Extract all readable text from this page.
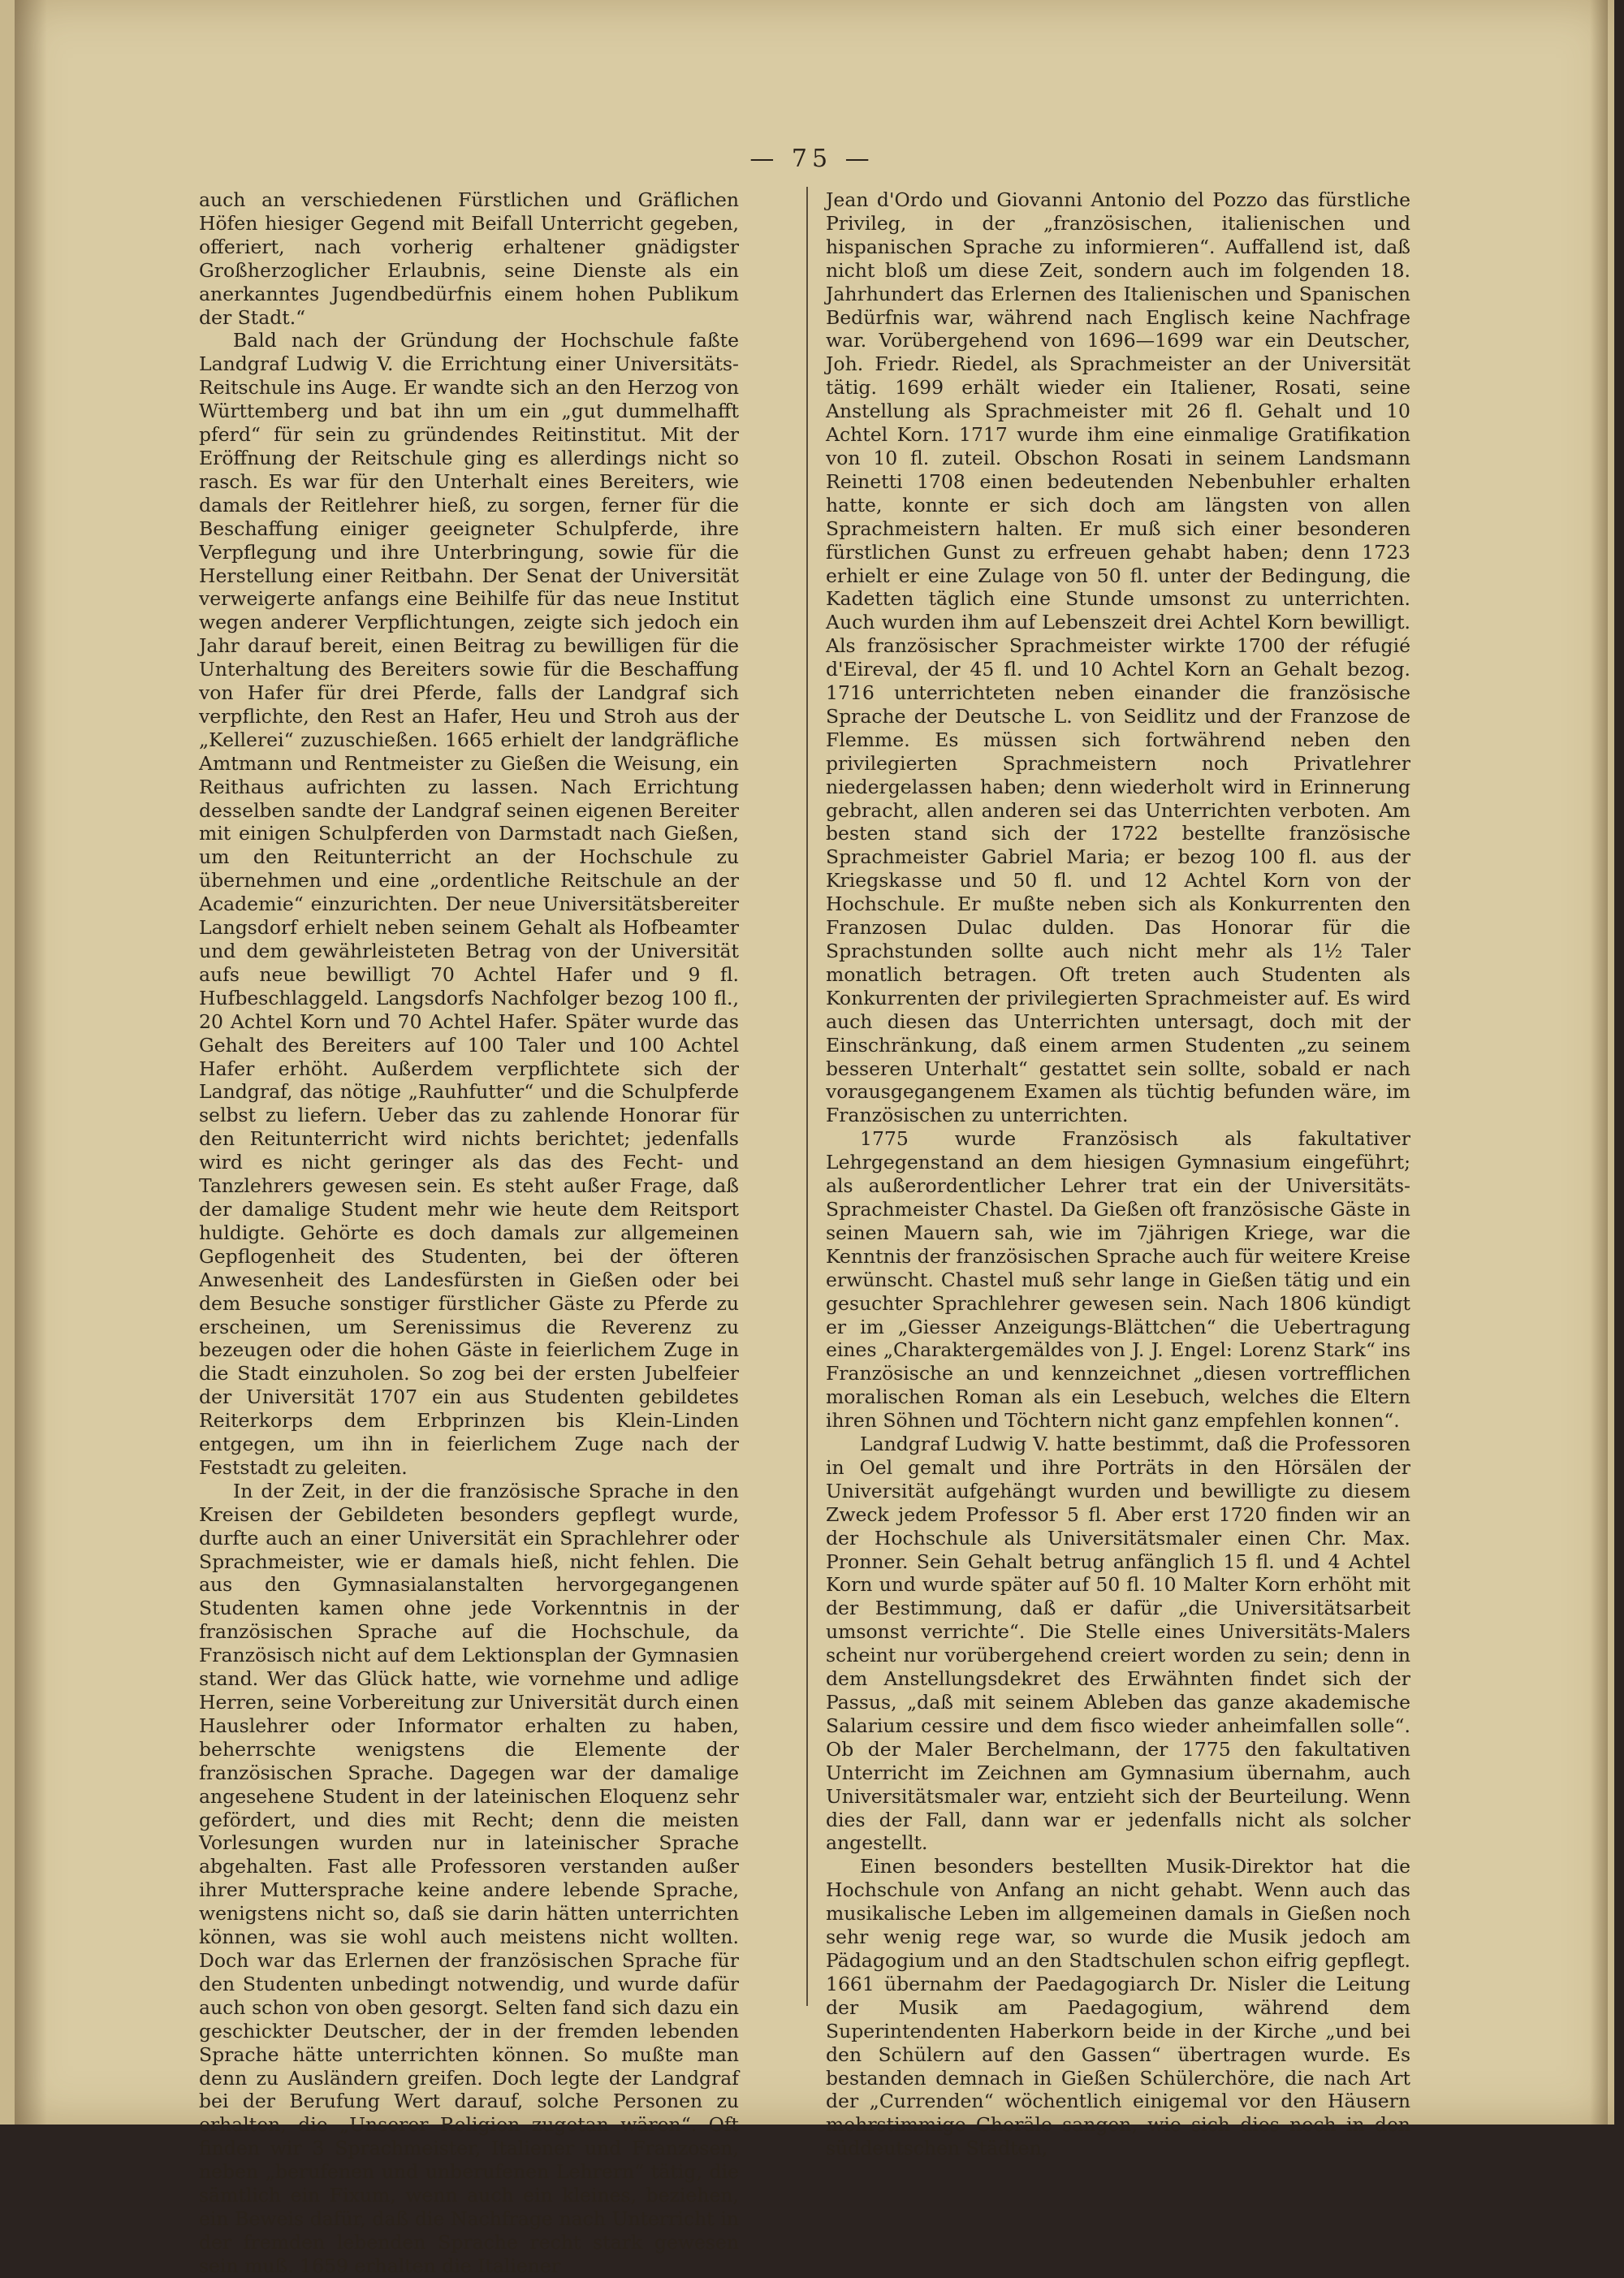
— 75 —

auch an verschiedenen Fürstlichen und Gräflichen Höfen hiesiger Gegend mit Beifall Unterricht gegeben, offeriert, nach vorherig erhaltener gnädigster Großherzoglicher Erlaubnis, seine Dienste als ein anerkanntes Jugendbedürfnis einem hohen Publikum der Stadt.“

Bald nach der Gründung der Hochschule faßte Landgraf Ludwig V. die Errichtung einer Universitäts-Reitschule ins Auge. Er wandte sich an den Herzog von Württemberg und bat ihn um ein „gut dummelhafft pferd“ für sein zu gründendes Reitinstitut. Mit der Eröffnung der Reitschule ging es allerdings nicht so rasch. Es war für den Unterhalt eines Bereiters, wie damals der Reitlehrer hieß, zu sorgen, ferner für die Beschaffung einiger geeigneter Schulpferde, ihre Verpflegung und ihre Unterbringung, sowie für die Herstellung einer Reitbahn. Der Senat der Universität verweigerte anfangs eine Beihilfe für das neue Institut wegen anderer Verpflichtungen, zeigte sich jedoch ein Jahr darauf bereit, einen Beitrag zu bewilligen für die Unterhaltung des Bereiters sowie für die Beschaffung von Hafer für drei Pferde, falls der Landgraf sich verpflichte, den Rest an Hafer, Heu und Stroh aus der „Kellerei“ zuzuschießen. 1665 erhielt der landgräfliche Amtmann und Rentmeister zu Gießen die Weisung, ein Reithaus aufrichten zu lassen. Nach Errichtung desselben sandte der Landgraf seinen eigenen Bereiter mit einigen Schulpferden von Darmstadt nach Gießen, um den Reitunterricht an der Hochschule zu übernehmen und eine „ordentliche Reitschule an der Academie“ einzurichten. Der neue Universitätsbereiter Langsdorf erhielt neben seinem Gehalt als Hofbeamter und dem gewährleisteten Betrag von der Universität aufs neue bewilligt 70 Achtel Hafer und 9 fl. Hufbeschlaggeld. Langsdorfs Nachfolger bezog 100 fl., 20 Achtel Korn und 70 Achtel Hafer. Später wurde das Gehalt des Bereiters auf 100 Taler und 100 Achtel Hafer erhöht. Außerdem verpflichtete sich der Landgraf, das nötige „Rauhfutter“ und die Schulpferde selbst zu liefern. Ueber das zu zahlende Honorar für den Reitunterricht wird nichts berichtet; jedenfalls wird es nicht geringer als das des Fecht- und Tanzlehrers gewesen sein. Es steht außer Frage, daß der damalige Student mehr wie heute dem Reitsport huldigte. Gehörte es doch damals zur allgemeinen Gepflogenheit des Studenten, bei der öfteren Anwesenheit des Landesfürsten in Gießen oder bei dem Besuche sonstiger fürstlicher Gäste zu Pferde zu erscheinen, um Serenissimus die Reverenz zu bezeugen oder die hohen Gäste in feierlichem Zuge in die Stadt einzuholen. So zog bei der ersten Jubelfeier der Universität 1707 ein aus Studenten gebildetes Reiterkorps dem Erbprinzen bis Klein-Linden entgegen, um ihn in feierlichem Zuge nach der Feststadt zu geleiten.

In der Zeit, in der die französische Sprache in den Kreisen der Gebildeten besonders gepflegt wurde, durfte auch an einer Universität ein Sprachlehrer oder Sprachmeister, wie er damals hieß, nicht fehlen. Die aus den Gymnasialanstalten hervorgegangenen Studenten kamen ohne jede Vorkenntnis in der französischen Sprache auf die Hochschule, da Französisch nicht auf dem Lektionsplan der Gymnasien stand. Wer das Glück hatte, wie vornehme und adlige Herren, seine Vorbereitung zur Universität durch einen Hauslehrer oder Informator erhalten zu haben, beherrschte wenigstens die Elemente der französischen Sprache. Dagegen war der damalige angesehene Student in der lateinischen Eloquenz sehr gefördert, und dies mit Recht; denn die meisten Vorlesungen wurden nur in lateinischer Sprache abgehalten. Fast alle Professoren verstanden außer ihrer Muttersprache keine andere lebende Sprache, wenigstens nicht so, daß sie darin hätten unterrichten können, was sie wohl auch meistens nicht wollten. Doch war das Erlernen der französischen Sprache für den Studenten unbedingt notwendig, und wurde dafür auch schon von oben gesorgt. Selten fand sich dazu ein geschickter Deutscher, der in der fremden lebenden Sprache hätte unterrichten können. So mußte man denn zu Ausländern greifen. Doch legte der Landgraf bei der Berufung Wert darauf, solche Personen zu erhalten, die „Unserer Religion zugetan wären“. Oft finden wir 3 Sprachmeister, Italiener und Franzosen, neben „berufenen und unberufenen Lehrern“ tätig, die sämtlich ein Fixum, wenn auch ein kleines, beziehen, ein Beweis dafür, daß die Nachfrage nach Unterricht in der fremden lebenden Sprache recht stark gewesen sein muß. 1659 erhalten die Italiener

Jean d'Ordo und Giovanni Antonio del Pozzo das fürstliche Privileg, in der „französischen, italienischen und hispanischen Sprache zu informieren“. Auffallend ist, daß nicht bloß um diese Zeit, sondern auch im folgenden 18. Jahrhundert das Erlernen des Italienischen und Spanischen Bedürfnis war, während nach Englisch keine Nachfrage war. Vorübergehend von 1696—1699 war ein Deutscher, Joh. Friedr. Riedel, als Sprachmeister an der Universität tätig. 1699 erhält wieder ein Italiener, Rosati, seine Anstellung als Sprachmeister mit 26 fl. Gehalt und 10 Achtel Korn. 1717 wurde ihm eine einmalige Gratifikation von 10 fl. zuteil. Obschon Rosati in seinem Landsmann Reinetti 1708 einen bedeutenden Nebenbuhler erhalten hatte, konnte er sich doch am längsten von allen Sprachmeistern halten. Er muß sich einer besonderen fürstlichen Gunst zu erfreuen gehabt haben; denn 1723 erhielt er eine Zulage von 50 fl. unter der Bedingung, die Kadetten täglich eine Stunde umsonst zu unterrichten. Auch wurden ihm auf Lebenszeit drei Achtel Korn bewilligt. Als französischer Sprachmeister wirkte 1700 der réfugié d'Eireval, der 45 fl. und 10 Achtel Korn an Gehalt bezog. 1716 unterrichteten neben einander die französische Sprache der Deutsche L. von Seidlitz und der Franzose de Flemme. Es müssen sich fortwährend neben den privilegierten Sprachmeistern noch Privatlehrer niedergelassen haben; denn wiederholt wird in Erinnerung gebracht, allen anderen sei das Unterrichten verboten. Am besten stand sich der 1722 bestellte französische Sprachmeister Gabriel Maria; er bezog 100 fl. aus der Kriegskasse und 50 fl. und 12 Achtel Korn von der Hochschule. Er mußte neben sich als Konkurrenten den Franzosen Dulac dulden. Das Honorar für die Sprachstunden sollte auch nicht mehr als 1½ Taler monatlich betragen. Oft treten auch Studenten als Konkurrenten der privilegierten Sprachmeister auf. Es wird auch diesen das Unterrichten untersagt, doch mit der Einschränkung, daß einem armen Studenten „zu seinem besseren Unterhalt“ gestattet sein sollte, sobald er nach vorausgegangenem Examen als tüchtig befunden wäre, im Französischen zu unterrichten.

1775 wurde Französisch als fakultativer Lehrgegenstand an dem hiesigen Gymnasium eingeführt; als außerordentlicher Lehrer trat ein der Universitäts-Sprachmeister Chastel. Da Gießen oft französische Gäste in seinen Mauern sah, wie im 7jährigen Kriege, war die Kenntnis der französischen Sprache auch für weitere Kreise erwünscht. Chastel muß sehr lange in Gießen tätig und ein gesuchter Sprachlehrer gewesen sein. Nach 1806 kündigt er im „Giesser Anzeigungs-Blättchen“ die Uebertragung eines „Charaktergemäldes von J. J. Engel: Lorenz Stark“ ins Französische an und kennzeichnet „diesen vortrefflichen moralischen Roman als ein Lesebuch, welches die Eltern ihren Söhnen und Töchtern nicht ganz empfehlen konnen“.

Landgraf Ludwig V. hatte bestimmt, daß die Professoren in Oel gemalt und ihre Porträts in den Hörsälen der Universität aufgehängt wurden und bewilligte zu diesem Zweck jedem Professor 5 fl. Aber erst 1720 finden wir an der Hochschule als Universitätsmaler einen Chr. Max. Pronner. Sein Gehalt betrug anfänglich 15 fl. und 4 Achtel Korn und wurde später auf 50 fl. 10 Malter Korn erhöht mit der Bestimmung, daß er dafür „die Universitätsarbeit umsonst verrichte“. Die Stelle eines Universitäts-Malers scheint nur vorübergehend creiert worden zu sein; denn in dem Anstellungsdekret des Erwähnten findet sich der Passus, „daß mit seinem Ableben das ganze akademische Salarium cessire und dem fisco wieder anheimfallen solle“. Ob der Maler Berchelmann, der 1775 den fakultativen Unterricht im Zeichnen am Gymnasium übernahm, auch Universitätsmaler war, entzieht sich der Beurteilung. Wenn dies der Fall, dann war er jedenfalls nicht als solcher angestellt.

Einen besonders bestellten Musik-Direktor hat die Hochschule von Anfang an nicht gehabt. Wenn auch das musikalische Leben im allgemeinen damals in Gießen noch sehr wenig rege war, so wurde die Musik jedoch am Pädagogium und an den Stadtschulen schon eifrig gepflegt. 1661 übernahm der Paedagogiarch Dr. Nisler die Leitung der Musik am Paedagogium, während dem Superintendenten Haberkorn beide in der Kirche „und bei den Schülern auf den Gassen“ übertragen wurde. Es bestanden demnach in Gießen Schülerchöre, die nach Art der „Currenden“ wöchentlich einigemal vor den Häusern mehrstimmige Choräle sangen, wie sich dies noch in den süddeutschen Städten,
